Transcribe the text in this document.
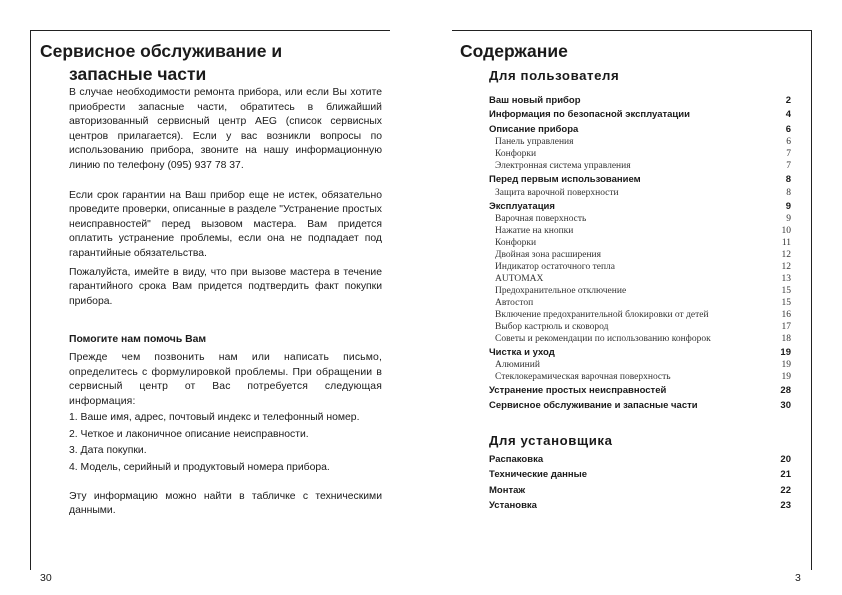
Сервисное обслуживание и
запасные части

В случае необходимости ремонта прибора, или если Вы хотите приобрести запасные части, обратитесь в ближайший авторизованный сервисный центр AEG (список сервисных центров прилагается). Если у вас возникли вопросы по использованию прибора, звоните на нашу информационную линию по телефону (095) 937 78 37.

Если срок гарантии на Ваш прибор еще не истек, обязательно проведите проверки, описанные в разделе "Устранение простых неисправностей" перед вызовом мастера. Вам придется оплатить устранение проблемы, если она не подпадает под гарантийные обязательства.

Пожалуйста, имейте в виду, что при вызове мастера в течение гарантийного срока Вам придется подтвердить факт покупки прибора.

Помогите нам помочь Вам

Прежде чем позвонить нам или написать письмо, определитесь с формулировкой проблемы. При обращении в сервисный центр от Вас потребуется следующая информация:

1. Ваше имя, адрес, почтовый индекс и телефонный номер.
2. Четкое и лаконичное описание неисправности.
3. Дата покупки.
4. Модель, серийный и продуктовый номера прибора.

Эту информацию можно найти в табличке с техническими данными.

30
Содержание
Для пользователя
Ваш новый прибор	2
Информация по безопасной эксплуатации	4
Описание прибора	6
Панель управления	6
Конфорки	7
Электронная система управления	7
Перед первым использованием	8
Защита варочной поверхности	8
Эксплуатация	9
Варочная поверхность	9
Нажатие на кнопки	10
Конфорки	11
Двойная зона расширения	12
Индикатор остаточного тепла	12
AUTOMAX	13
Предохранительное отключение	15
Автостоп	15
Включение предохранительной блокировки от детей	16
Выбор кастрюль и сковород	17
Советы и рекомендации по использованию конфорок	18
Чистка и уход	19
Алюминий	19
Стеклокерамическая варочная поверхность	19
Устранение простых неисправностей	28
Сервисное обслуживание и запасные части	30
Для установщика
Распаковка	20
Технические данные	21
Монтаж	22
Установка	23
3
